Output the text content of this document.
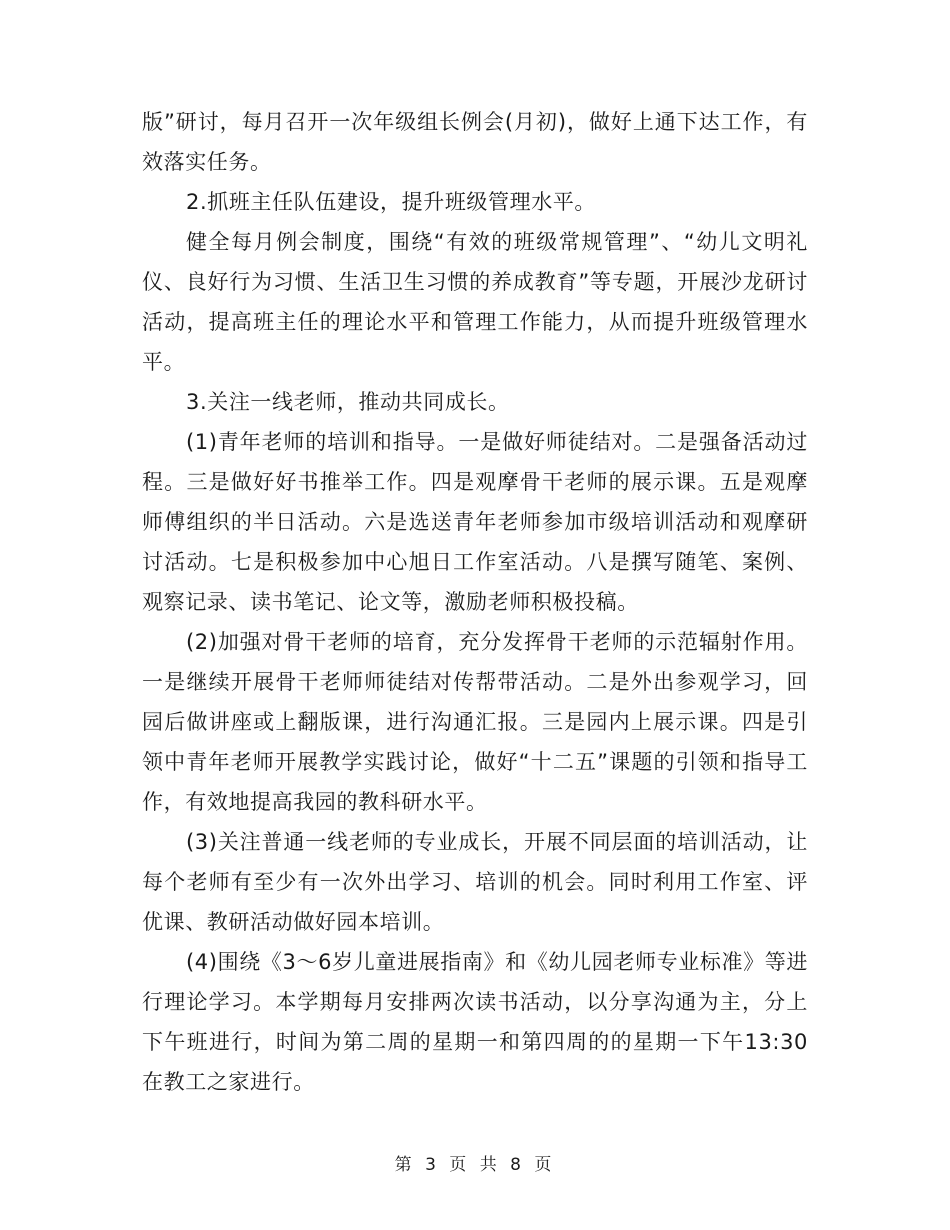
版”研讨，每月召开一次年级组长例会(月初)，做好上通下达工作，有效落实任务。

2.抓班主任队伍建设，提升班级管理水平。

健全每月例会制度，围绕“有效的班级常规管理”、“幼儿文明礼仪、良好行为习惯、生活卫生习惯的养成教育”等专题，开展沙龙研讨活动，提高班主任的理论水平和管理工作能力，从而提升班级管理水平。

3.关注一线老师，推动共同成长。

(1)青年老师的培训和指导。一是做好师徒结对。二是强备活动过程。三是做好好书推举工作。四是观摩骨干老师的展示课。五是观摩师傅组织的半日活动。六是选送青年老师参加市级培训活动和观摩研讨活动。七是积极参加中心旭日工作室活动。八是撰写随笔、案例、观察记录、读书笔记、论文等，激励老师积极投稿。

(2)加强对骨干老师的培育，充分发挥骨干老师的示范辐射作用。一是继续开展骨干老师师徒结对传帮带活动。二是外出参观学习，回园后做讲座或上翻版课，进行沟通汇报。三是园内上展示课。四是引领中青年老师开展教学实践讨论，做好“十二五”课题的引领和指导工作，有效地提高我园的教科研水平。

(3)关注普通一线老师的专业成长，开展不同层面的培训活动，让每个老师有至少有一次外出学习、培训的机会。同时利用工作室、评优课、教研活动做好园本培训。

(4)围绕《3～6岁儿童进展指南》和《幼儿园老师专业标准》等进行理论学习。本学期每月安排两次读书活动，以分享沟通为主，分上下午班进行，时间为第二周的星期一和第四周的的星期一下午13:30在教工之家进行。

第 3 页 共 8 页
